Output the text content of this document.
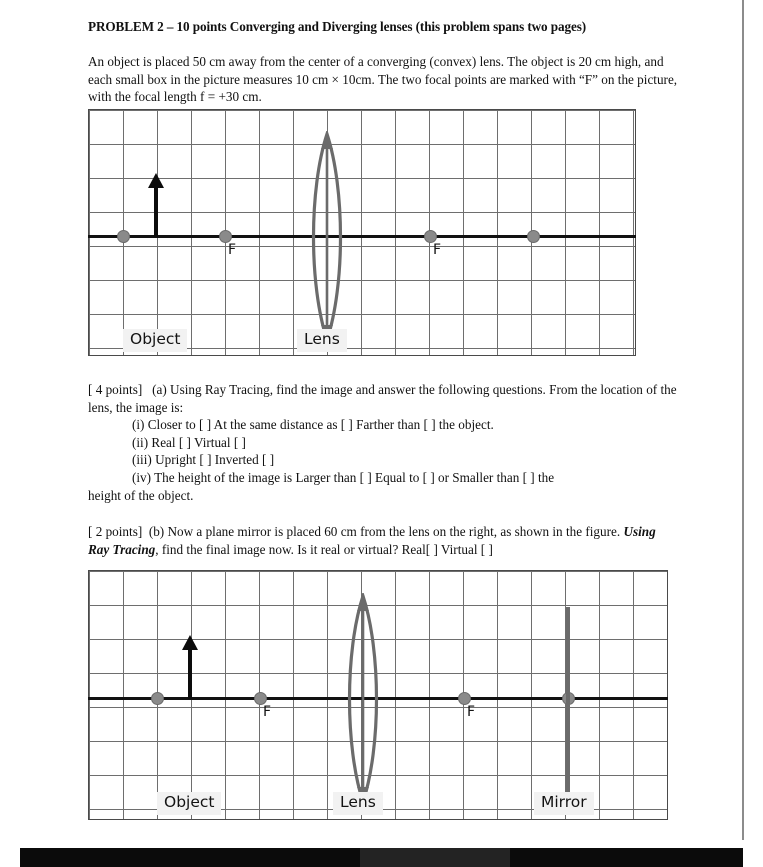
PROBLEM 2 – 10 points Converging and Diverging lenses (this problem spans two pages)
An object is placed 50 cm away from the center of a converging (convex) lens. The object is 20 cm high, and each small box in the picture measures 10 cm × 10cm. The two focal points are marked with “F” on the picture, with the focal length f = +30 cm.
F	F
Object	Lens
[ 4 points] (a) Using Ray Tracing, find the image and answer the following questions. From the location of the lens, the image is:
(i) Closer to [ ] At the same distance as [ ] Farther than [ ] the object.
(ii) Real [ ] Virtual [ ]
(iii) Upright [ ] Inverted [ ]
(iv) The height of the image is Larger than [ ] Equal to [ ] or Smaller than [ ] the
height of the object.
[ 2 points] (b) Now a plane mirror is placed 60 cm from the lens on the right, as shown in the figure. Using Ray Tracing, find the final image now. Is it real or virtual? Real[ ] Virtual [ ]
F	F
Object	Lens	Mirror
